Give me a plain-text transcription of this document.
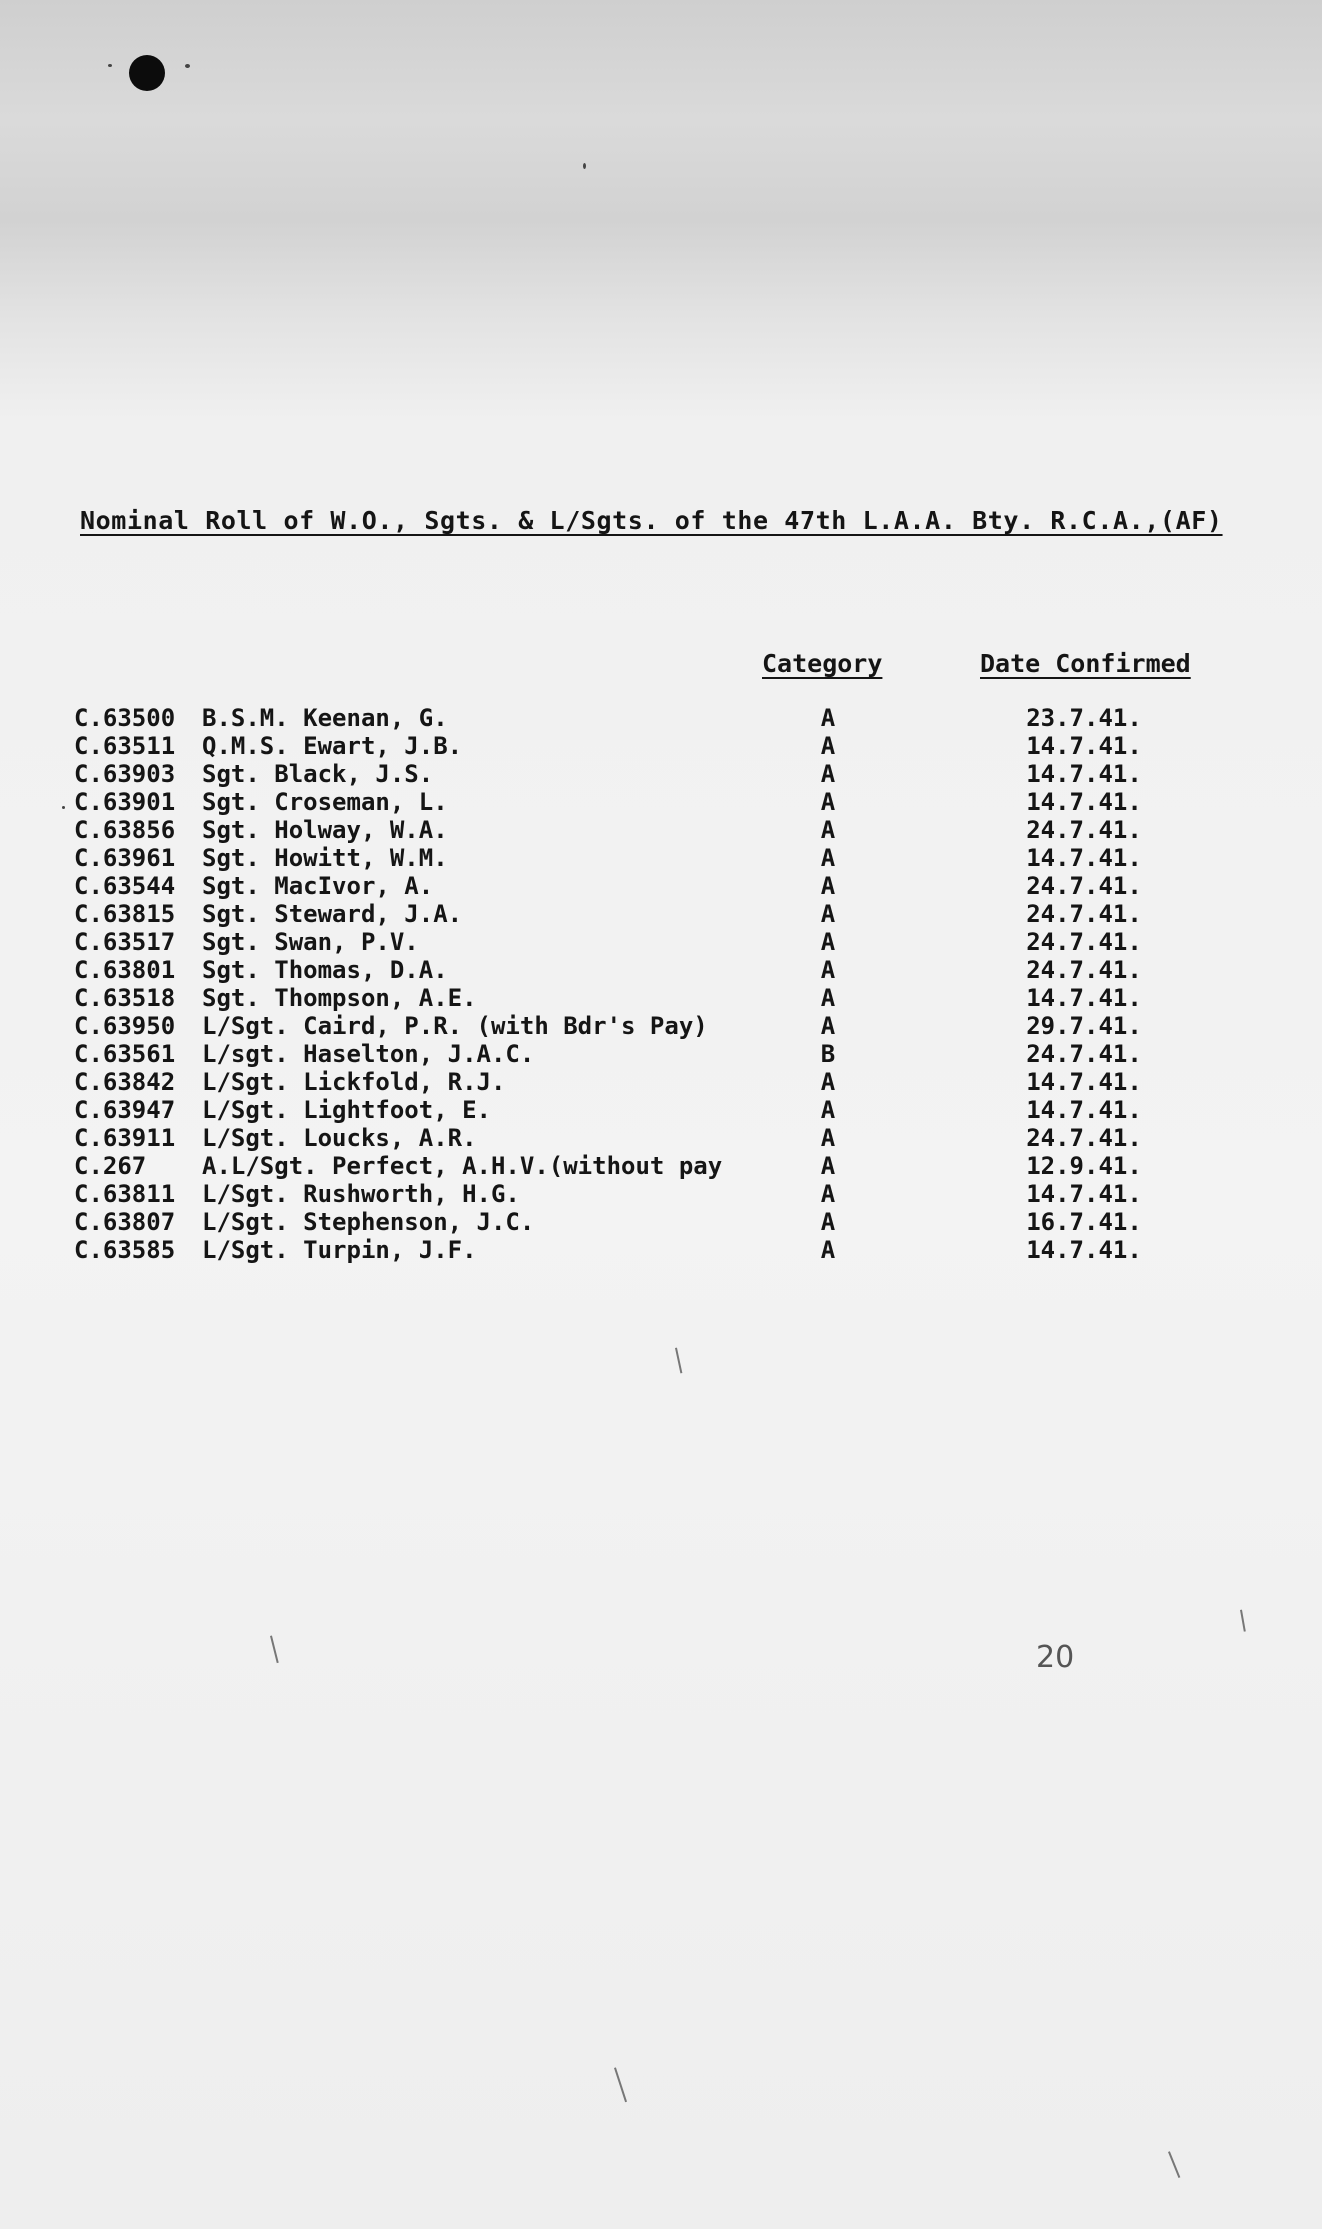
Nominal Roll of W.O., Sgts. & L/Sgts. of the 47th L.A.A. Bty. R.C.A.,(AF)
Category	Date Confirmed
C.63500 B.S.M. Keenan, G.	A	23.7.41.
C.63511 Q.M.S. Ewart, J.B.	A	14.7.41.
C.63903 Sgt. Black, J.S.	A	14.7.41.
C.63901 Sgt. Croseman, L.	A	14.7.41.
C.63856 Sgt. Holway, W.A.	A	24.7.41.
C.63961 Sgt. Howitt, W.M.	A	14.7.41.
C.63544 Sgt. MacIvor, A.	A	24.7.41.
C.63815 Sgt. Steward, J.A.	A	24.7.41.
C.63517 Sgt. Swan, P.V.	A	24.7.41.
C.63801 Sgt. Thomas, D.A.	A	24.7.41.
C.63518 Sgt. Thompson, A.E.	A	14.7.41.
C.63950 L/Sgt. Caird, P.R. (with Bdr's Pay)	A	29.7.41.
C.63561 L/sgt. Haselton, J.A.C.	B	24.7.41.
C.63842 L/Sgt. Lickfold, R.J.	A	14.7.41.
C.63947 L/Sgt. Lightfoot, E.	A	14.7.41.
C.63911 L/Sgt. Loucks, A.R.	A	24.7.41.
C.267 A.L/Sgt. Perfect, A.H.V.(without pay	A	12.9.41.
C.63811 L/Sgt. Rushworth, H.G.	A	14.7.41.
C.63807 L/Sgt. Stephenson, J.C.	A	16.7.41.
C.63585 L/Sgt. Turpin, J.F.	A	14.7.41.
20
